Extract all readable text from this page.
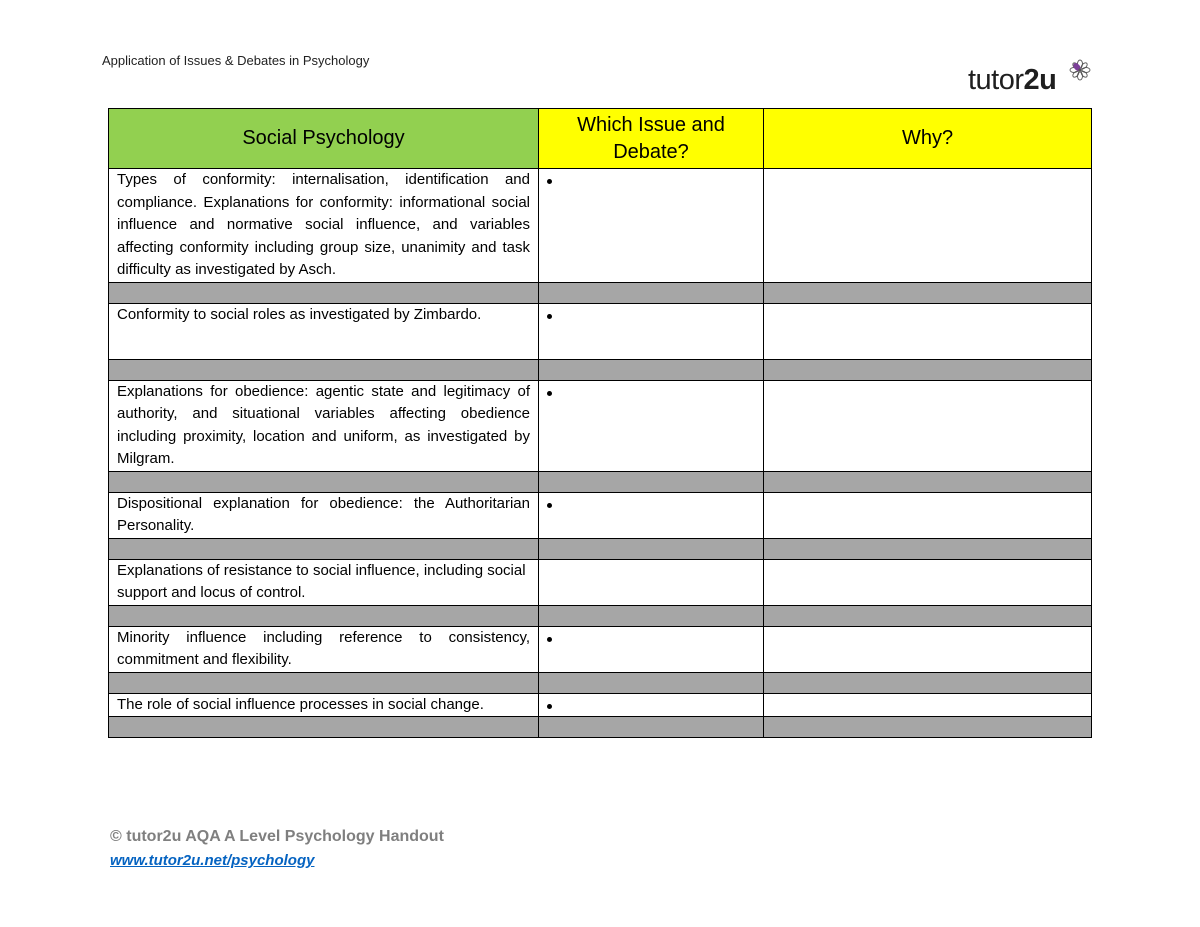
Application of Issues & Debates in Psychology
tutor2u
Social Psychology	Which Issue and Debate?	Why?
Types of conformity: internalisation, identification and compliance. Explanations for conformity: informational social influence and normative social influence, and variables affecting conformity including group size, unanimity and task difficulty as investigated by Asch.		

Conformity to social roles as investigated by Zimbardo.		

Explanations for obedience: agentic state and legitimacy of authority, and situational variables affecting obedience including proximity, location and uniform, as investigated by Milgram.		

Dispositional explanation for obedience: the Authoritarian Personality.		

Explanations of resistance to social influence, including social support and locus of control.		

Minority influence including reference to consistency, commitment and flexibility.		

The role of social influence processes in social change.		

© tutor2u AQA A Level Psychology Handout
www.tutor2u.net/psychology
